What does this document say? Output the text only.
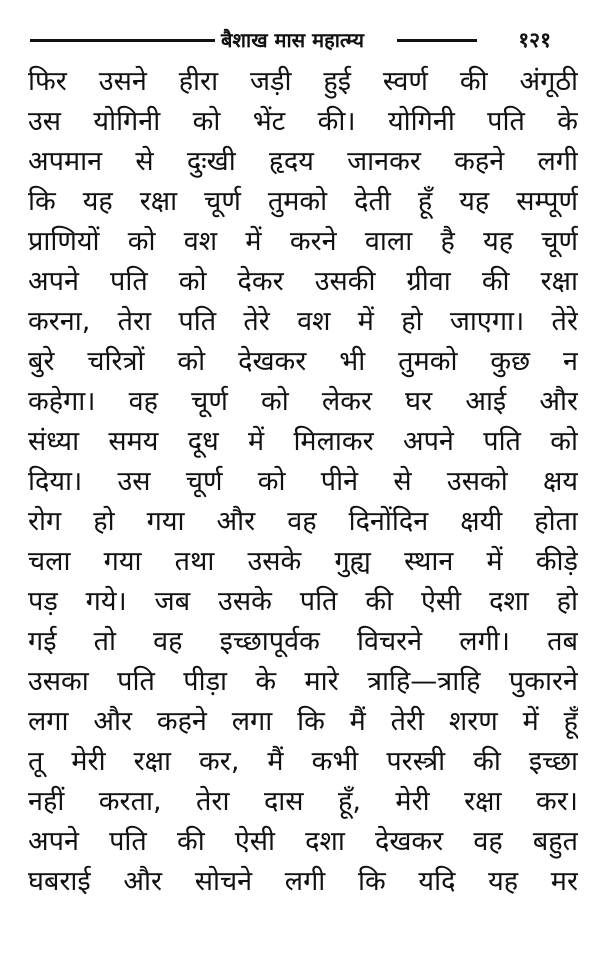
बैशाख मास महात्म्य	१२१
फिर उसने हीरा जड़ी हुई स्वर्ण की अंगूठी
उस योगिनी को भेंट की। योगिनी पति के
अपमान से दुःखी हृदय जानकर कहने लगी
कि यह रक्षा चूर्ण तुमको देती हूँ यह सम्पूर्ण
प्राणियों को वश में करने वाला है यह चूर्ण
अपने पति को देकर उसकी ग्रीवा की रक्षा
करना, तेरा पति तेरे वश में हो जाएगा। तेरे
बुरे चरित्रों को देखकर भी तुमको कुछ न
कहेगा। वह चूर्ण को लेकर घर आई और
संध्या समय दूध में मिलाकर अपने पति को
दिया। उस चूर्ण को पीने से उसको क्षय
रोग हो गया और वह दिनोंदिन क्षयी होता
चला गया तथा उसके गुह्य स्थान में कीड़े
पड़ गये। जब उसके पति की ऐसी दशा हो
गई तो वह इच्छापूर्वक विचरने लगी। तब
उसका पति पीड़ा के मारे त्राहि—त्राहि पुकारने
लगा और कहने लगा कि मैं तेरी शरण में हूँ
तू मेरी रक्षा कर, मैं कभी परस्त्री की इच्छा
नहीं करता, तेरा दास हूँ, मेरी रक्षा कर।
अपने पति की ऐसी दशा देखकर वह बहुत
घबराई और सोचने लगी कि यदि यह मर
